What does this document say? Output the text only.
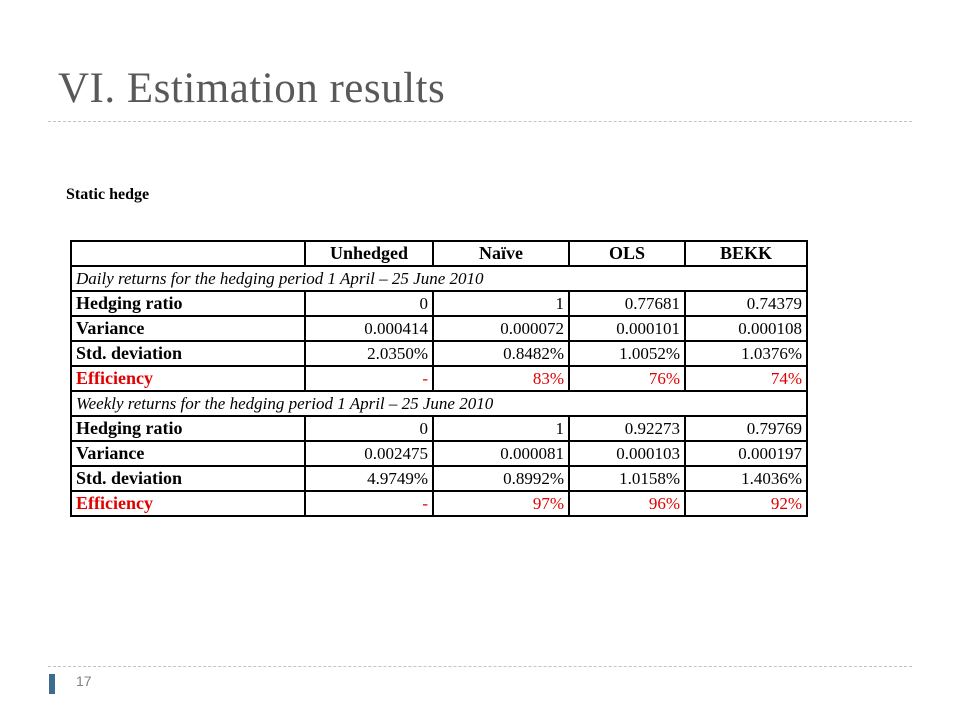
VI. Estimation results
Static hedge
	Unhedged	Naïve	OLS	BEKK
Daily returns for the hedging period 1 April – 25 June 2010				
Hedging ratio	0	1	0.77681	0.74379
Variance	0.000414	0.000072	0.000101	0.000108
Std. deviation	2.0350%	0.8482%	1.0052%	1.0376%
Efficiency	-	83%	76%	74%
Weekly returns for the hedging period 1 April – 25 June 2010				
Hedging ratio	0	1	0.92273	0.79769
Variance	0.002475	0.000081	0.000103	0.000197
Std. deviation	4.9749%	0.8992%	1.0158%	1.4036%
Efficiency	-	97%	96%	92%
17
